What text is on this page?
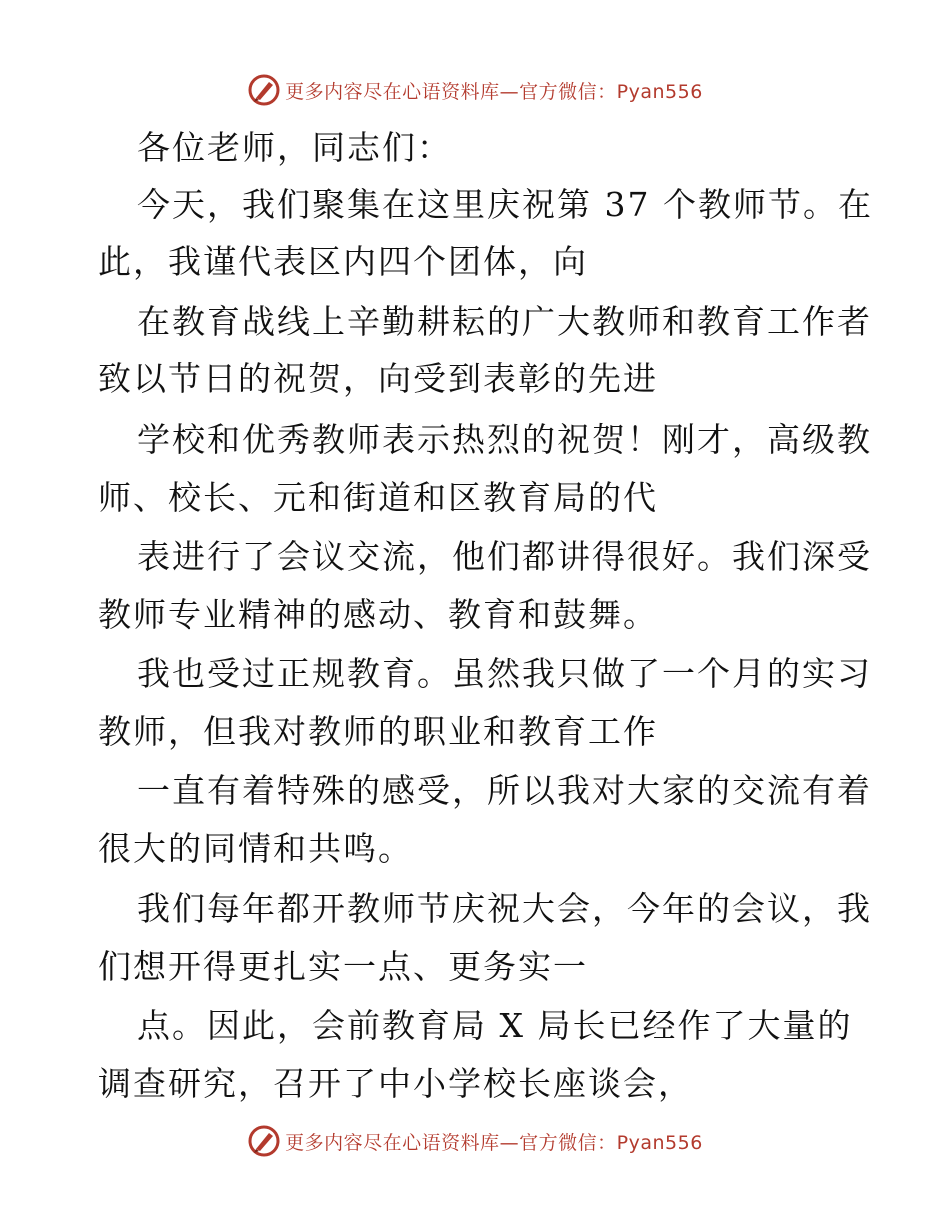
更多内容尽在心语资料库—官方微信：Pyan556
各位老师，同志们：
今天，我们聚集在这里庆祝第 37 个教师节。在
此，我谨代表区内四个团体，向
在教育战线上辛勤耕耘的广大教师和教育工作者
致以节日的祝贺，向受到表彰的先进
学校和优秀教师表示热烈的祝贺！刚才，高级教
师、校长、元和街道和区教育局的代
表进行了会议交流，他们都讲得很好。我们深受
教师专业精神的感动、教育和鼓舞。
我也受过正规教育。虽然我只做了一个月的实习
教师，但我对教师的职业和教育工作
一直有着特殊的感受，所以我对大家的交流有着
很大的同情和共鸣。
我们每年都开教师节庆祝大会，今年的会议，我
们想开得更扎实一点、更务实一
点。因此，会前教育局 X 局长已经作了大量的
调查研究，召开了中小学校长座谈会，
更多内容尽在心语资料库—官方微信：Pyan556
